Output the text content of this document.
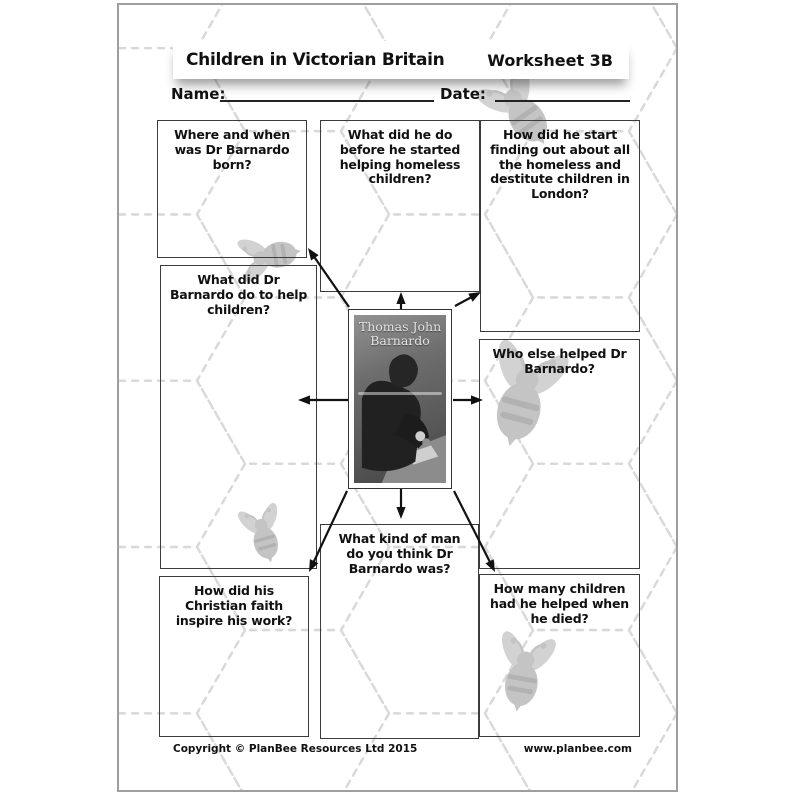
Children in Victorian Britain	Worksheet 3B
Name:	Date:
Where and when was Dr Barnardo born?
What did he do before he started helping homeless children?
How did he start finding out about all the homeless and destitute children in London?
What did Dr Barnardo do to help children?
Who else helped Dr Barnardo?
What kind of man do you think Dr Barnardo was?
How did his Christian faith inspire his work?
How many children had he helped when he died?
Thomas John Barnardo
Copyright © PlanBee Resources Ltd 2015	www.planbee.com
